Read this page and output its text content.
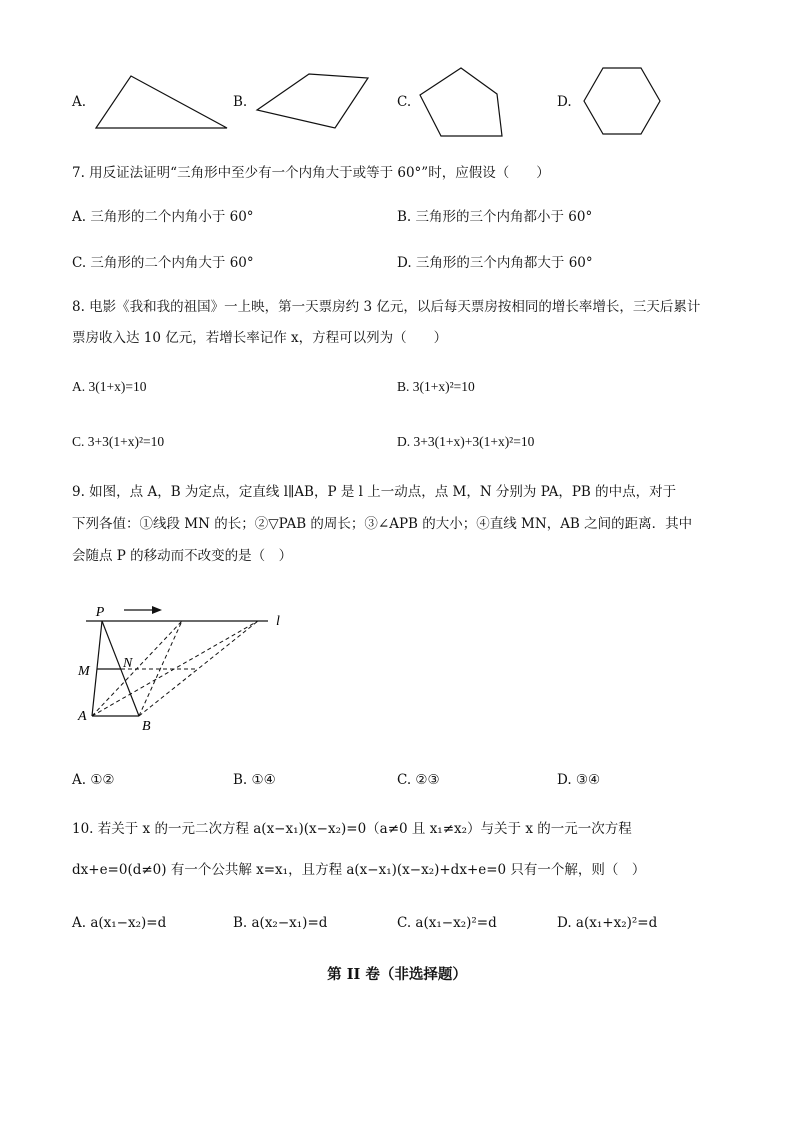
A.	B.	C.	D.
7. 用反证法证明“三角形中至少有一个内角大于或等于 60°”时，应假设（　　）
A. 三角形的二个内角小于 60°	B. 三角形的三个内角都小于 60°
C. 三角形的二个内角大于 60°	D. 三角形的三个内角都大于 60°
8. 电影《我和我的祖国》一上映，第一天票房约 3 亿元，以后每天票房按相同的增长率增长，三天后累计
票房收入达 10 亿元，若增长率记作 x，方程可以列为（　　）
A. 3(1+x)=10	B. 3(1+x)²=10
C. 3+3(1+x)²=10	D. 3+3(1+x)+3(1+x)²=10
9. 如图，点 A，B 为定点，定直线 l∥AB，P 是 l 上一动点，点 M，N 分别为 PA，PB 的中点，对于
下列各值：①线段 MN 的长；②▽PAB 的周长；③∠APB 的大小；④直线 MN，AB 之间的距离．其中
会随点 P 的移动而不改变的是（　）
P
l
M
N
A
B
A. ①②	B. ①④	C. ②③	D. ③④
10. 若关于 x 的一元二次方程 a(x−x₁)(x−x₂)=0（a≠0 且 x₁≠x₂）与关于 x 的一元一次方程
dx+e=0(d≠0) 有一个公共解 x=x₁，且方程 a(x−x₁)(x−x₂)+dx+e=0 只有一个解，则（　）
A. a(x₁−x₂)=d	B. a(x₂−x₁)=d	C. a(x₁−x₂)²=d	D. a(x₁+x₂)²=d
第 II 卷（非选择题）
